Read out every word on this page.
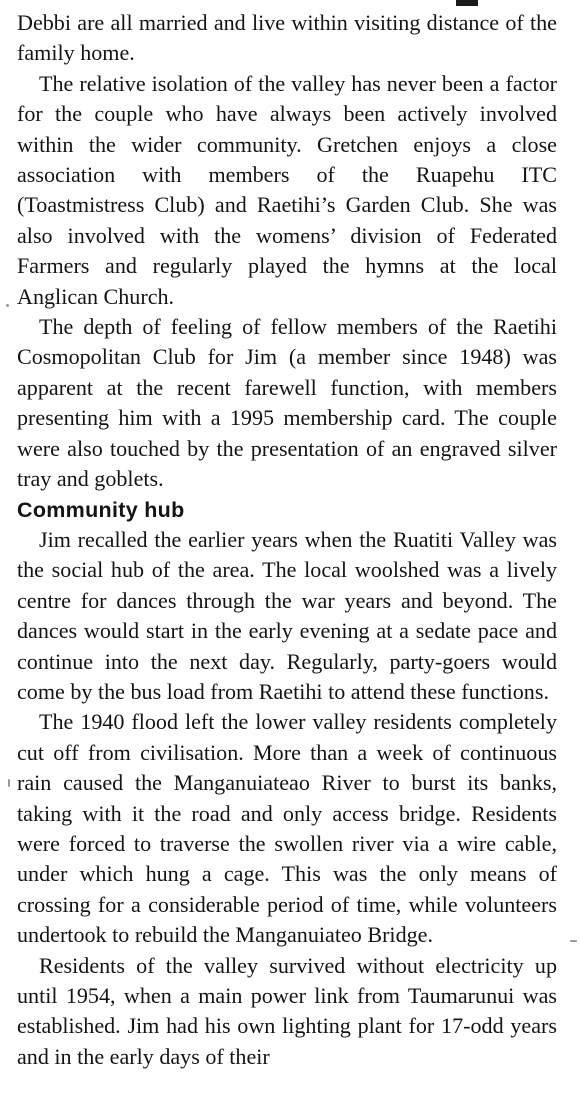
Debbi are all married and live within visiting distance of the family home.

The relative isolation of the valley has never been a factor for the couple who have always been actively involved within the wider community. Gretchen enjoys a close association with members of the Ruapehu ITC (Toastmistress Club) and Raetihi’s Garden Club. She was also involved with the womens’ division of Federated Farmers and regularly played the hymns at the local Anglican Church.

The depth of feeling of fellow members of the Raetihi Cosmopolitan Club for Jim (a member since 1948) was apparent at the recent farewell function, with members presenting him with a 1995 membership card. The couple were also touched by the presentation of an engraved silver tray and goblets.

Community hub

Jim recalled the earlier years when the Ruatiti Valley was the social hub of the area. The local woolshed was a lively centre for dances through the war years and beyond. The dances would start in the early evening at a sedate pace and continue into the next day. Regularly, party-goers would come by the bus load from Raetihi to attend these functions.

The 1940 flood left the lower valley residents completely cut off from civilisation. More than a week of continuous rain caused the Manganuiateao River to burst its banks, taking with it the road and only access bridge. Residents were forced to traverse the swollen river via a wire cable, under which hung a cage. This was the only means of crossing for a considerable period of time, while volunteers undertook to rebuild the Manganuiateo Bridge.

Residents of the valley survived without electricity up until 1954, when a main power link from Taumarunui was established. Jim had his own lighting plant for 17-odd years and in the early days of their
